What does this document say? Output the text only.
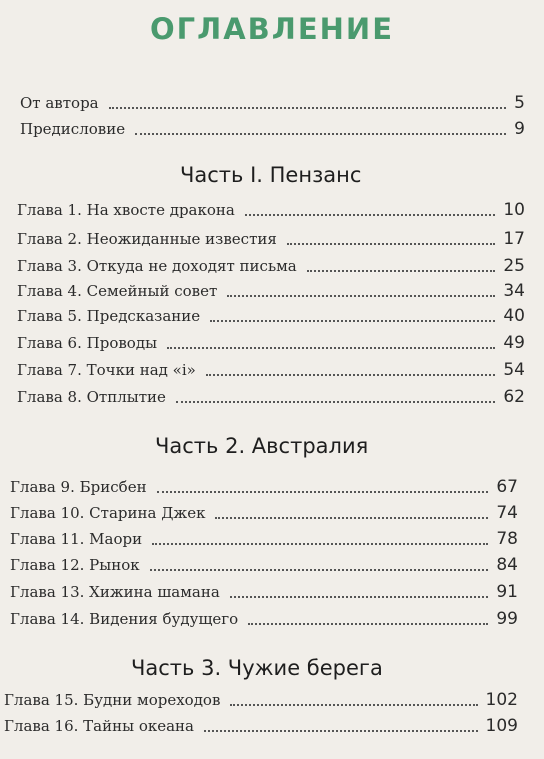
ОГЛАВЛЕНИЕ
От автора	5
Предисловие	9
Часть I. Пензанс
Глава 1. На хвосте дракона	10
Глава 2. Неожиданные известия	17
Глава 3. Откуда не доходят письма	25
Глава 4. Семейный совет	34
Глава 5. Предсказание	40
Глава 6. Проводы	49
Глава 7. Точки над «i»	54
Глава 8. Отплытие	62
Часть 2. Австралия
Глава 9. Брисбен	67
Глава 10. Старина Джек	74
Глава 11. Маори	78
Глава 12. Рынок	84
Глава 13. Хижина шамана	91
Глава 14. Видения будущего	99
Часть 3. Чужие берега
Глава 15. Будни мореходов	102
Глава 16. Тайны океана	109
